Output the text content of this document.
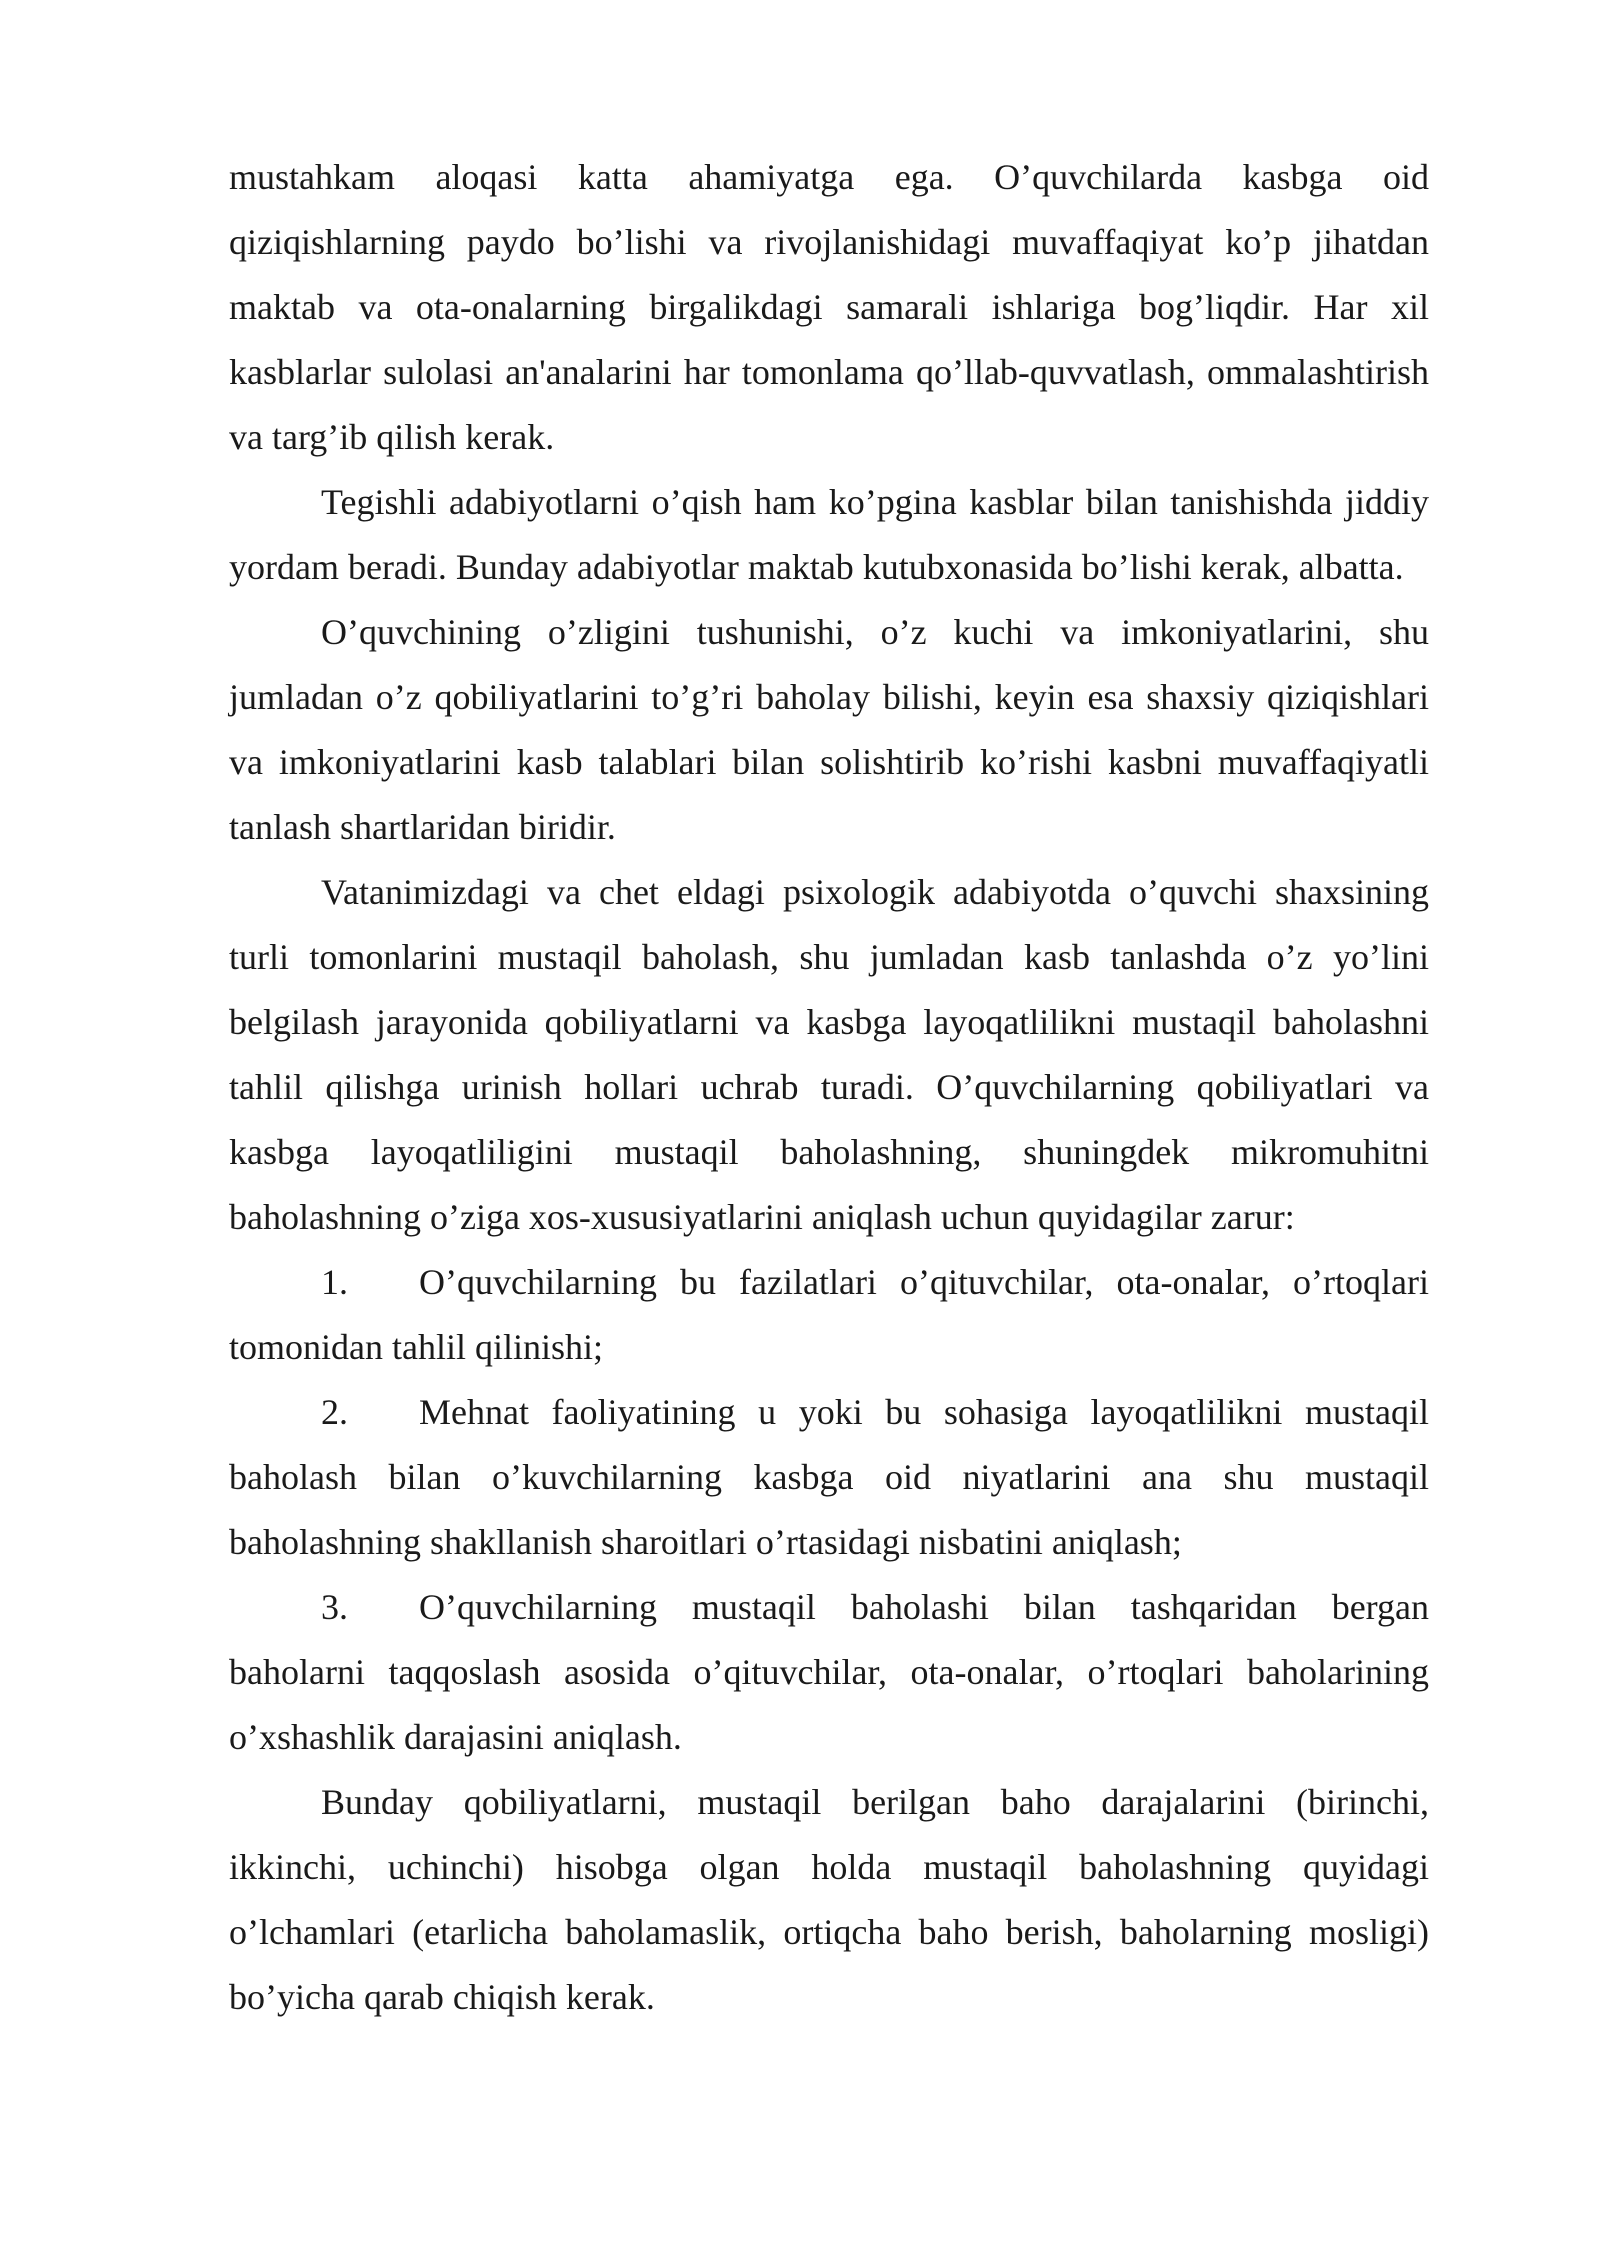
mustahkam aloqasi katta ahamiyatga ega. O’quvchilarda kasbga oid qiziqishlarning paydo bo’lishi va rivojlanishidagi muvaffaqiyat ko’p jihatdan maktab va ota-onalarning birgalikdagi samarali ishlariga bog’liqdir. Har xil kasblarlar sulolasi an'analarini har tomonlama qo’llab-quvvatlash, ommalashtirish va targ’ib qilish kerak.

Tegishli adabiyotlarni o’qish ham ko’pgina kasblar bilan tanishishda jiddiy yordam beradi. Bunday adabiyotlar maktab kutubxonasida bo’lishi kerak, albatta.

O’quvchining o’zligini tushunishi, o’z kuchi va imkoniyatlarini, shu jumladan o’z qobiliyatlarini to’g’ri baholay bilishi, keyin esa shaxsiy qiziqishlari va imkoniyatlarini kasb talablari bilan solishtirib ko’rishi kasbni muvaffaqiyatli tanlash shartlaridan biridir.

Vatanimizdagi va chet eldagi psixologik adabiyotda o’quvchi shaxsining turli tomonlarini mustaqil baholash, shu jumladan kasb tanlashda o’z yo’lini belgilash jarayonida qobiliyatlarni va kasbga layoqatlilikni mustaqil baholashni tahlil qilishga urinish hollari uchrab turadi. O’quvchilarning qobiliyatlari va kasbga layoqatliligini mustaqil baholashning, shuningdek mikromuhitni baholashning o’ziga xos-xususiyatlarini aniqlash uchun quyidagilar zarur:

1. O’quvchilarning bu fazilatlari o’qituvchilar, ota-onalar, o’rtoqlari tomonidan tahlil qilinishi;

2. Mehnat faoliyatining u yoki bu sohasiga layoqatlilikni mustaqil baholash bilan o’kuvchilarning kasbga oid niyatlarini ana shu mustaqil baholashning shakllanish sharoitlari o’rtasidagi nisbatini aniqlash;

3. O’quvchilarning mustaqil baholashi bilan tashqaridan bergan baholarni taqqoslash asosida o’qituvchilar, ota-onalar, o’rtoqlari baholarining o’xshashlik darajasini aniqlash.

Bunday qobiliyatlarni, mustaqil berilgan baho darajalarini (birinchi, ikkinchi, uchinchi) hisobga olgan holda mustaqil baholashning quyidagi o’lchamlari (etarlicha baholamaslik, ortiqcha baho berish, baholarning mosligi) bo’yicha qarab chiqish kerak.
